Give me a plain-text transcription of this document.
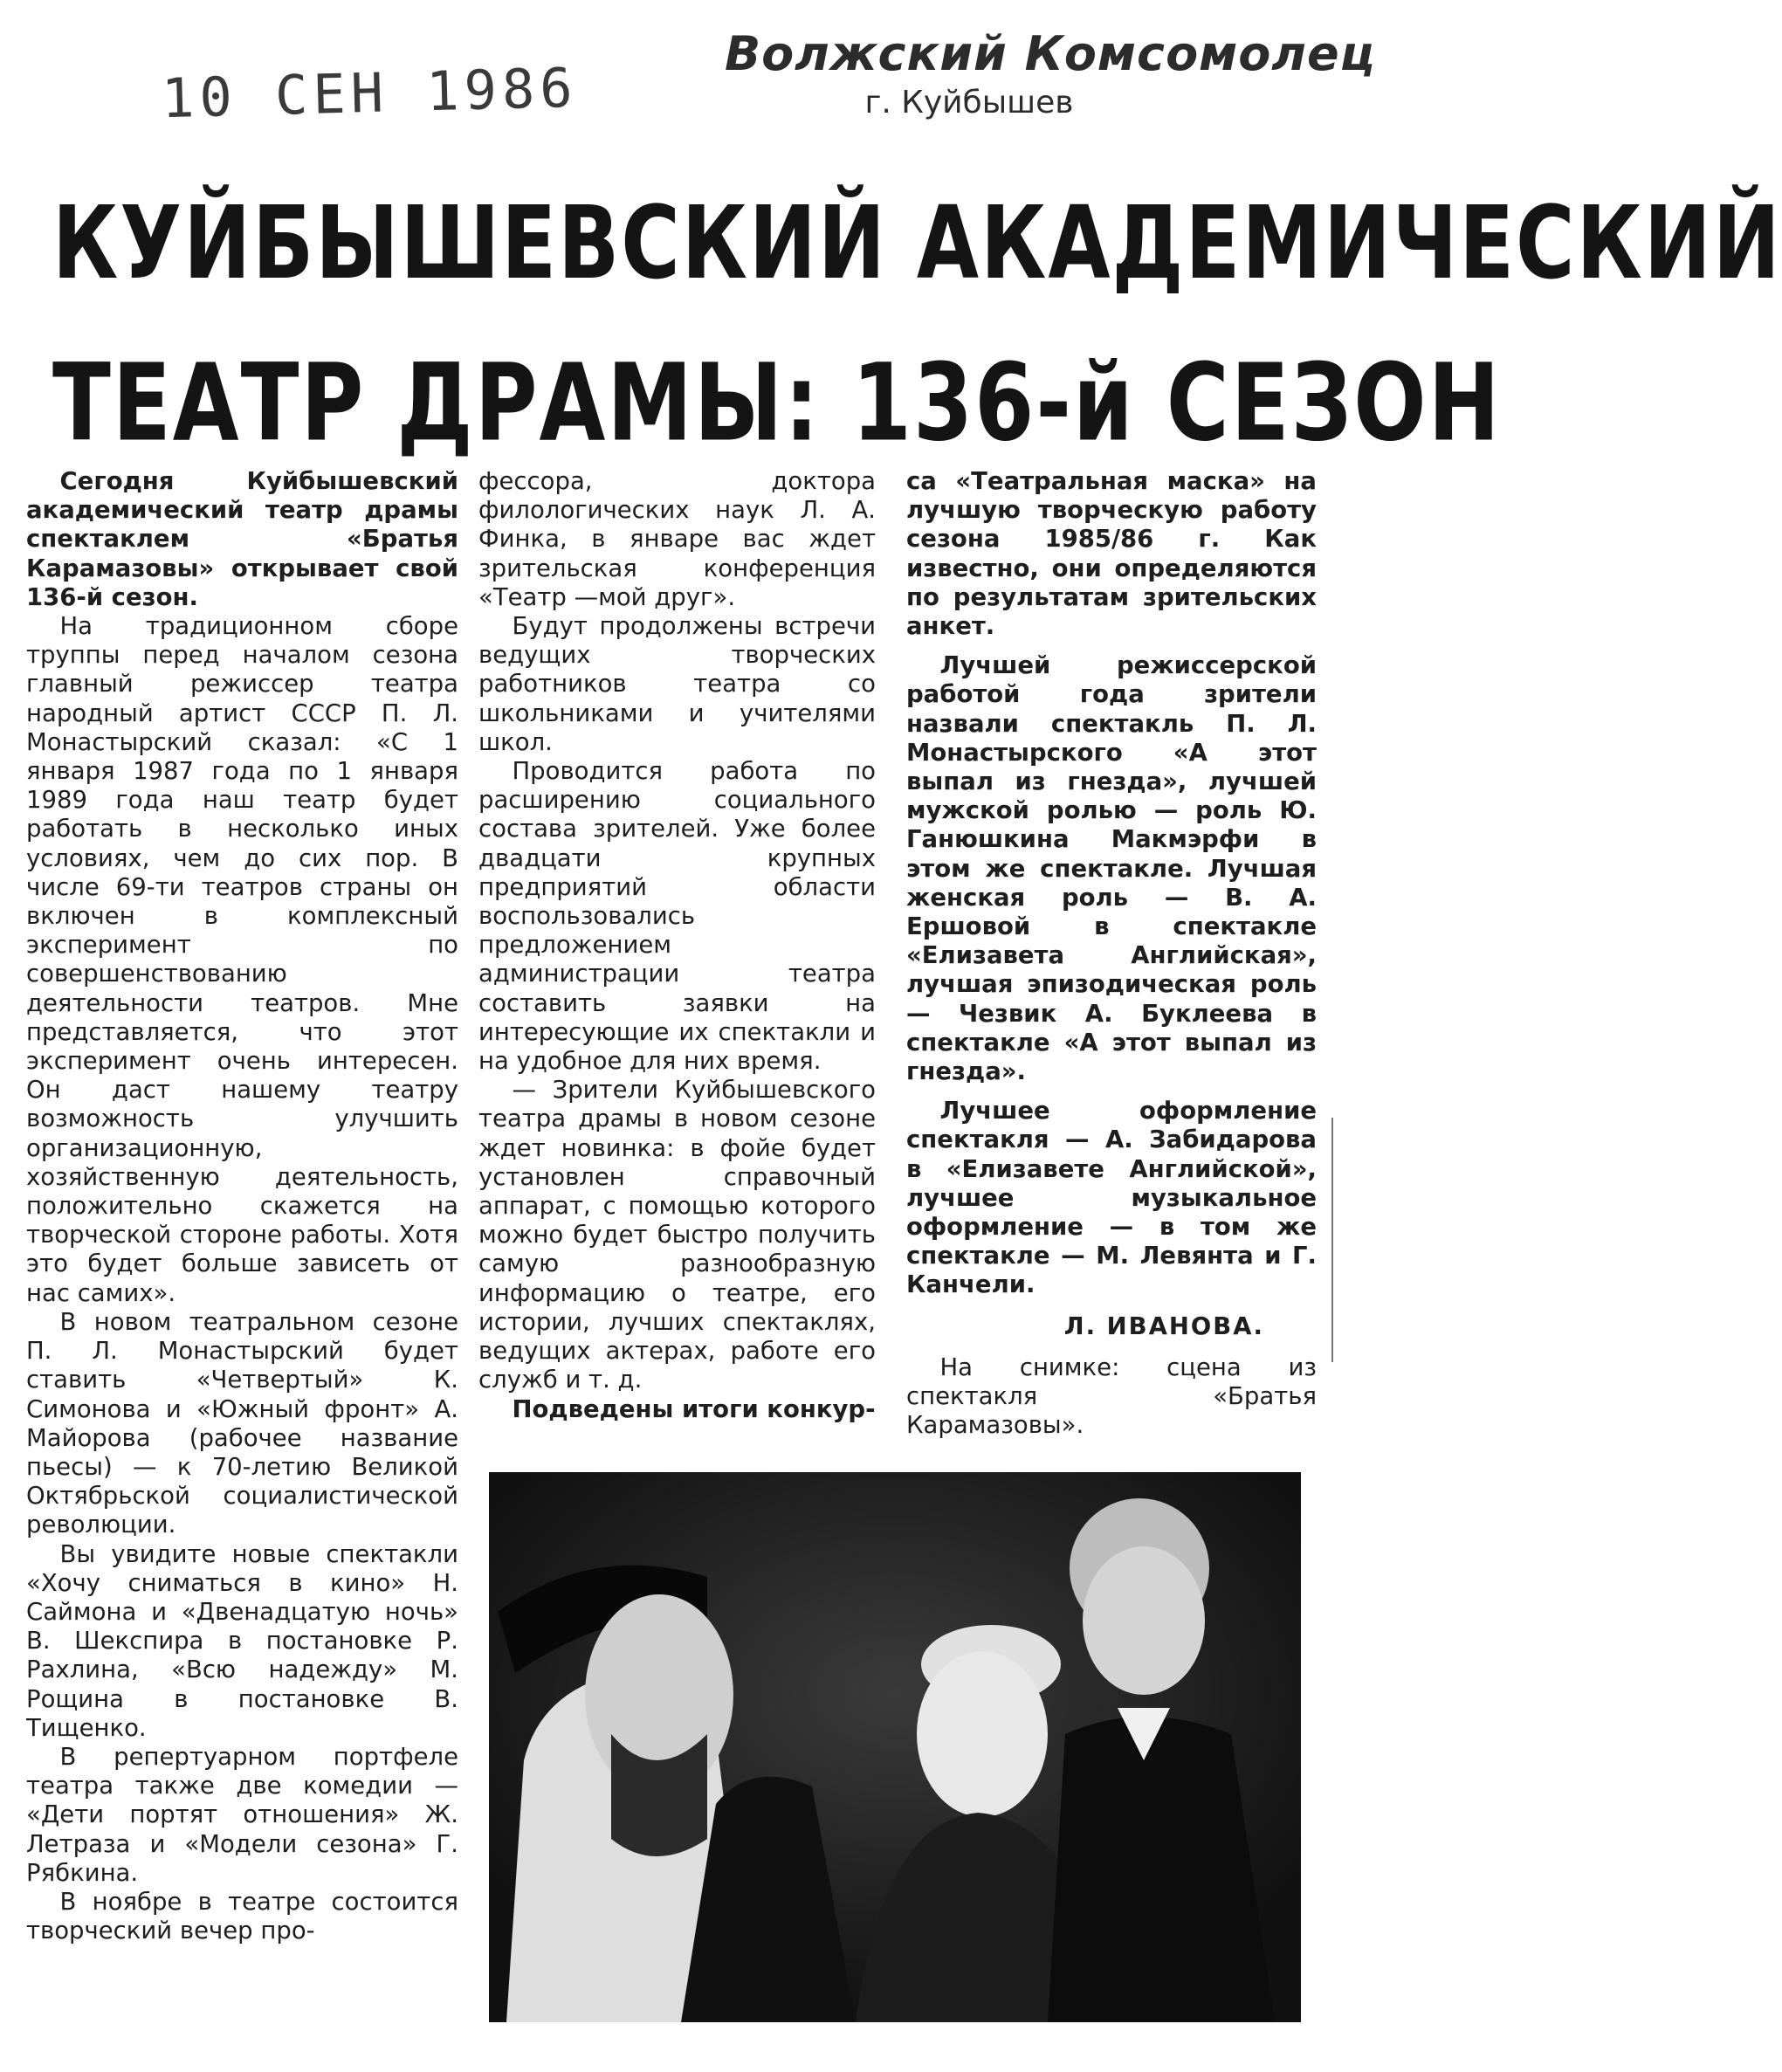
10 СЕН 1986
Волжский Комсомолец
г. Куйбышев
КУЙБЫШЕВСКИЙ АКАДЕМИЧЕСКИЙ
ТЕАТР ДРАМЫ: 136-й СЕЗОН

Сегодня Куйбышевский академический театр драмы спектаклем «Братья Карамазовы» открывает свой 136-й сезон.

На традиционном сборе труппы перед началом сезона главный режиссер театра народный артист СССР П. Л. Монастырский сказал: «С 1 января 1987 года по 1 января 1989 года наш театр будет работать в несколько иных условиях, чем до сих пор. В числе 69-ти театров страны он включен в комплексный эксперимент по совершенствованию деятельности театров. Мне представляется, что этот эксперимент очень интересен. Он даст нашему театру возможность улучшить организационную, хозяйственную деятельность, положительно скажется на творческой стороне работы. Хотя это будет больше зависеть от нас самих».

В новом театральном сезоне П. Л. Монастырский будет ставить «Четвертый» К. Симонова и «Южный фронт» А. Майорова (рабочее название пьесы) — к 70-летию Великой Октябрьской социалистической революции.

Вы увидите новые спектакли «Хочу сниматься в кино» Н. Саймона и «Двенадцатую ночь» В. Шекспира в постановке Р. Рахлина, «Всю надежду» М. Рощина в постановке В. Тищенко.

В репертуарном портфеле театра также две комедии — «Дети портят отношения» Ж. Летраза и «Модели сезона» Г. Рябкина.

В ноябре в театре состоится творческий вечер про-

фессора, доктора филологических наук Л. А. Финка, в январе вас ждет зрительская конференция «Театр —мой друг».

Будут продолжены встречи ведущих творческих работников театра со школьниками и учителями школ.

Проводится работа по расширению социального состава зрителей. Уже более двадцати крупных предприятий области воспользовались предложением администрации театра составить заявки на интересующие их спектакли и на удобное для них время.

— Зрители Куйбышевского театра драмы в новом сезоне ждет новинка: в фойе будет установлен справочный аппарат, с помощью которого можно будет быстро получить самую разнообразную информацию о театре, его истории, лучших спектаклях, ведущих актерах, работе его служб и т. д.

Подведены итоги конкур-

са «Театральная маска» на лучшую творческую работу сезона 1985/86 г. Как известно, они определяются по результатам зрительских анкет.

Лучшей режиссерской работой года зрители назвали спектакль П. Л. Монастырского «А этот выпал из гнезда», лучшей мужской ролью — роль Ю. Ганюшкина Макмэрфи в этом же спектакле. Лучшая женская роль — В. А. Ершовой в спектакле «Елизавета Английская», лучшая эпизодическая роль — Чезвик А. Буклеева в спектакле «А этот выпал из гнезда».

Лучшее оформление спектакля — А. Забидарова в «Елизавете Английской», лучшее музыкальное оформление — в том же спектакле — М. Левянта и Г. Канчели.

Л. ИВАНОВА.

На снимке: сцена из спектакля «Братья Карамазовы».
